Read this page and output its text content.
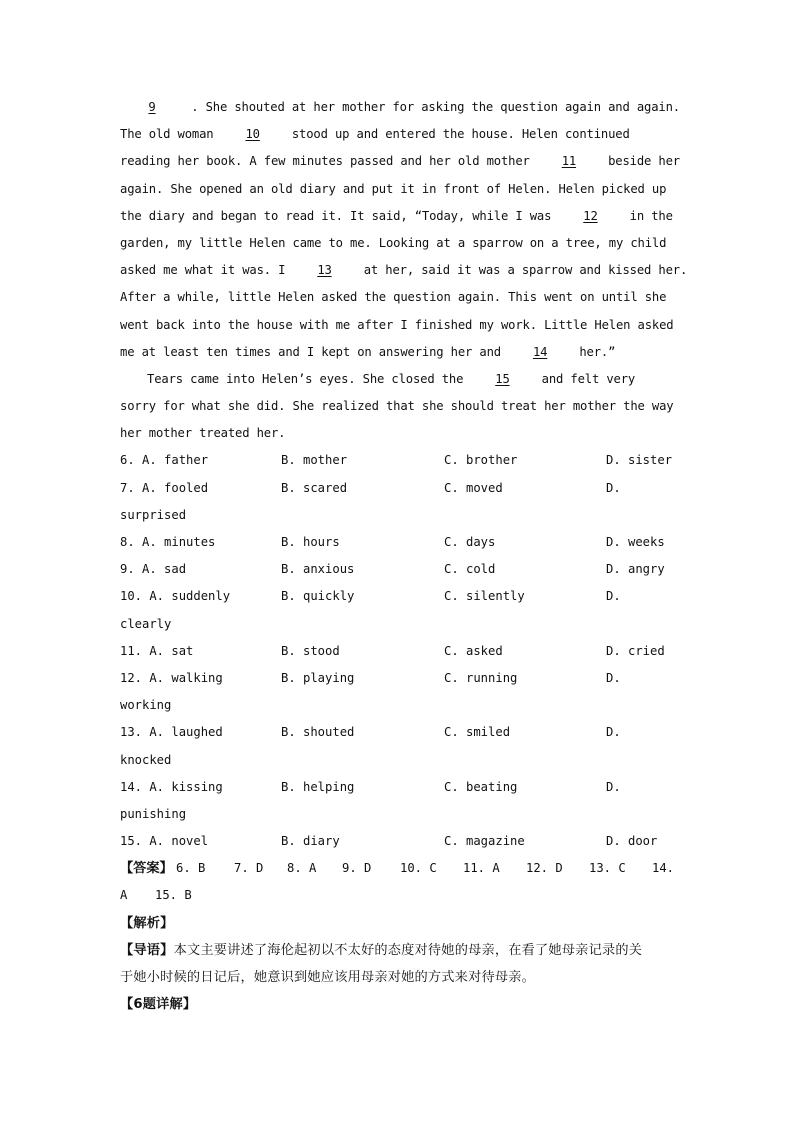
9 . She shouted at her mother for asking the question again and again.
The old woman 10 stood up and entered the house. Helen continued
reading her book. A few minutes passed and her old mother 11 beside her
again. She opened an old diary and put it in front of Helen. Helen picked up
the diary and began to read it. It said, “Today, while I was 12 in the
garden, my little Helen came to me. Looking at a sparrow on a tree, my child
asked me what it was. I 13 at her, said it was a sparrow and kissed her.
After a while, little Helen asked the question again. This went on until she
went back into the house with me after I finished my work. Little Helen asked
me at least ten times and I kept on answering her and 14 her.”
Tears came into Helen’s eyes. She closed the 15 and felt very
sorry for what she did. She realized that she should treat her mother the way
her mother treated her.
6. A. father	B. mother	C. brother	D. sister
7. A. fooled	B. scared	C. moved	D.
surprised
8. A. minutes	B. hours	C. days	D. weeks
9. A. sad	B. anxious	C. cold	D. angry
10. A. suddenly	B. quickly	C. silently	D.
clearly
11. A. sat	B. stood	C. asked	D. cried
12. A. walking	B. playing	C. running	D.
working
13. A. laughed	B. shouted	C. smiled	D.
knocked
14. A. kissing	B. helping	C. beating	D.
punishing
15. A. novel	B. diary	C. magazine	D. door
【答案】 6. B 7. D 8. A 9. D 10. C 11. A 12. D 13. C 14.
A 15. B
【解析】
【导语】本文主要讲述了海伦起初以不太好的态度对待她的母亲，在看了她母亲记录的关
于她小时候的日记后，她意识到她应该用母亲对她的方式来对待母亲。
【6题详解】
